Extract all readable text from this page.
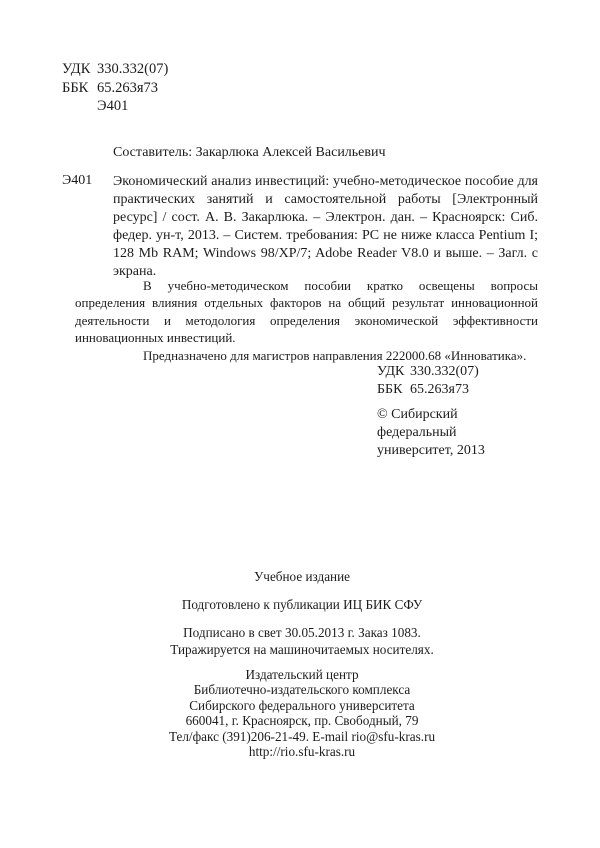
УДК 330.332(07)
ББК 65.263я73
Э401
Составитель: Закарлюка Алексей Васильевич
Э401 Экономический анализ инвестиций: учебно-методическое пособие для практических занятий и самостоятельной работы [Электронный ресурс] / сост. А. В. Закарлюка. – Электрон. дан. – Красноярск: Сиб. федер. ун-т, 2013. – Систем. требования: PC не ниже класса Pentium I; 128 Mb RAM; Windows 98/XP/7; Adobe Reader V8.0 и выше. – Загл. с экрана.

В учебно-методическом пособии кратко освещены вопросы определения влияния отдельных факторов на общий результат инновационной деятельности и методология определения экономической эффективности инновационных инвестиций.

Предназначено для магистров направления 222000.68 «Инноватика».

УДК 330.332(07)
ББК 65.263я73
© Сибирский
федеральный
университет, 2013

Учебное издание

Подготовлено к публикации ИЦ БИК СФУ

Подписано в свет 30.05.2013 г. Заказ 1083.
Тиражируется на машиночитаемых носителях.

Издательский центр
Библиотечно-издательского комплекса
Сибирского федерального университета
660041, г. Красноярск, пр. Свободный, 79
Тел/факс (391)206-21-49. E-mail rio@sfu-kras.ru
http://rio.sfu-kras.ru
